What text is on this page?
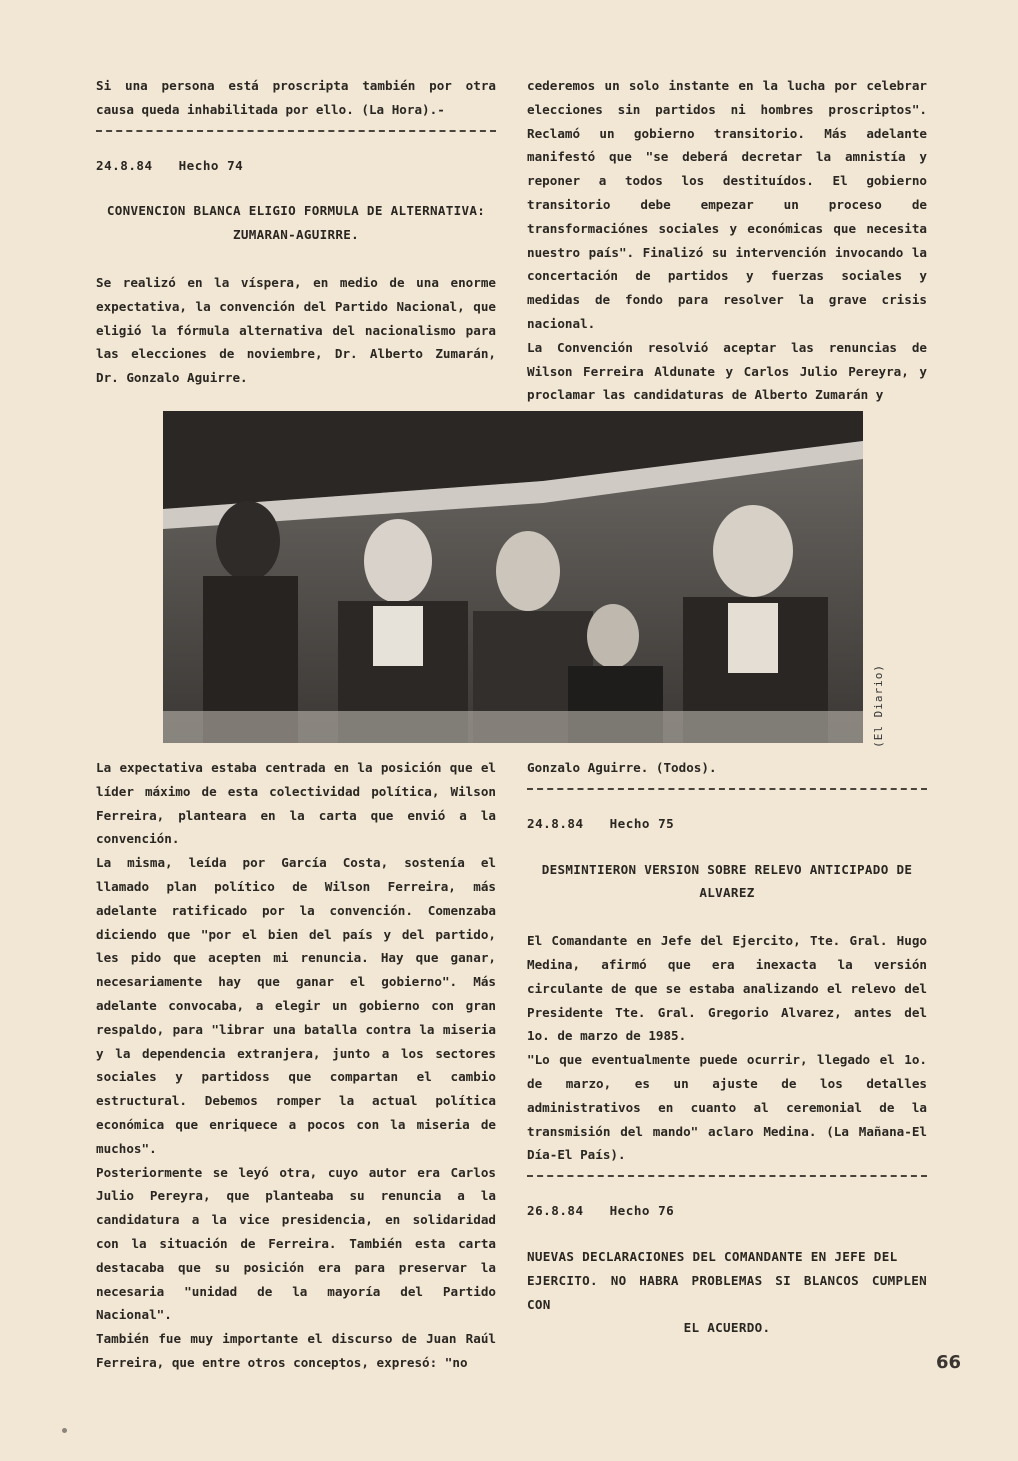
Si una persona está proscripta también por otra causa queda inhabilitada por ello. (La Hora).-

24.8.84 Hecho 74
CONVENCION BLANCA ELIGIO FORMULA DE ALTERNATIVA:
ZUMARAN-AGUIRRE.

Se realizó en la víspera, en medio de una enorme expectativa, la convención del Partido Nacional, que eligió la fórmula alternativa del nacionalismo para las elecciones de noviembre, Dr. Alberto Zumarán, Dr. Gonzalo Aguirre.

cederemos un solo instante en la lucha por celebrar elecciones sin partidos ni hombres proscriptos". Reclamó un gobierno transitorio. Más adelante manifestó que "se deberá decretar la amnistía y reponer a todos los destituídos. El gobierno transitorio debe empezar un proceso de transformaciónes sociales y económicas que necesita nuestro país". Finalizó su intervención invocando la concertación de partidos y fuerzas sociales y medidas de fondo para resolver la grave crisis nacional.

La Convención resolvió aceptar las renuncias de Wilson Ferreira Aldunate y Carlos Julio Pereyra, y proclamar las candidaturas de Alberto Zumarán y

(El Diario)

La expectativa estaba centrada en la posición que el líder máximo de esta colectividad política, Wilson Ferreira, planteara en la carta que envió a la convención.

La misma, leída por García Costa, sostenía el llamado plan político de Wilson Ferreira, más adelante ratificado por la convención. Comenzaba diciendo que "por el bien del país y del partido, les pido que acepten mi renuncia. Hay que ganar, necesariamente hay que ganar el gobierno". Más adelante convocaba, a elegir un gobierno con gran respaldo, para "librar una batalla contra la miseria y la dependencia extranjera, junto a los sectores sociales y partidoss que compartan el cambio estructural. Debemos romper la actual política económica que enriquece a pocos con la miseria de muchos".

Posteriormente se leyó otra, cuyo autor era Carlos Julio Pereyra, que planteaba su renuncia a la candidatura a la vice presidencia, en solidaridad con la situación de Ferreira. También esta carta destacaba que su posición era para preservar la necesaria "unidad de la mayoría del Partido Nacional".

También fue muy importante el discurso de Juan Raúl Ferreira, que entre otros conceptos, expresó: "no

Gonzalo Aguirre. (Todos).

24.8.84 Hecho 75
DESMINTIERON VERSION SOBRE RELEVO ANTICIPADO DE
ALVAREZ

El Comandante en Jefe del Ejercito, Tte. Gral. Hugo Medina, afirmó que era inexacta la versión circulante de que se estaba analizando el relevo del Presidente Tte. Gral. Gregorio Alvarez, antes del 1o. de marzo de 1985.

"Lo que eventualmente puede ocurrir, llegado el 1o. de marzo, es un ajuste de los detalles administrativos en cuanto al ceremonial de la transmisión del mando" aclaro Medina. (La Mañana-El Día-El País).

26.8.84 Hecho 76
NUEVAS DECLARACIONES DEL COMANDANTE EN JEFE DEL
EJERCITO. NO HABRA PROBLEMAS SI BLANCOS CUMPLEN CON
EL ACUERDO.
66
